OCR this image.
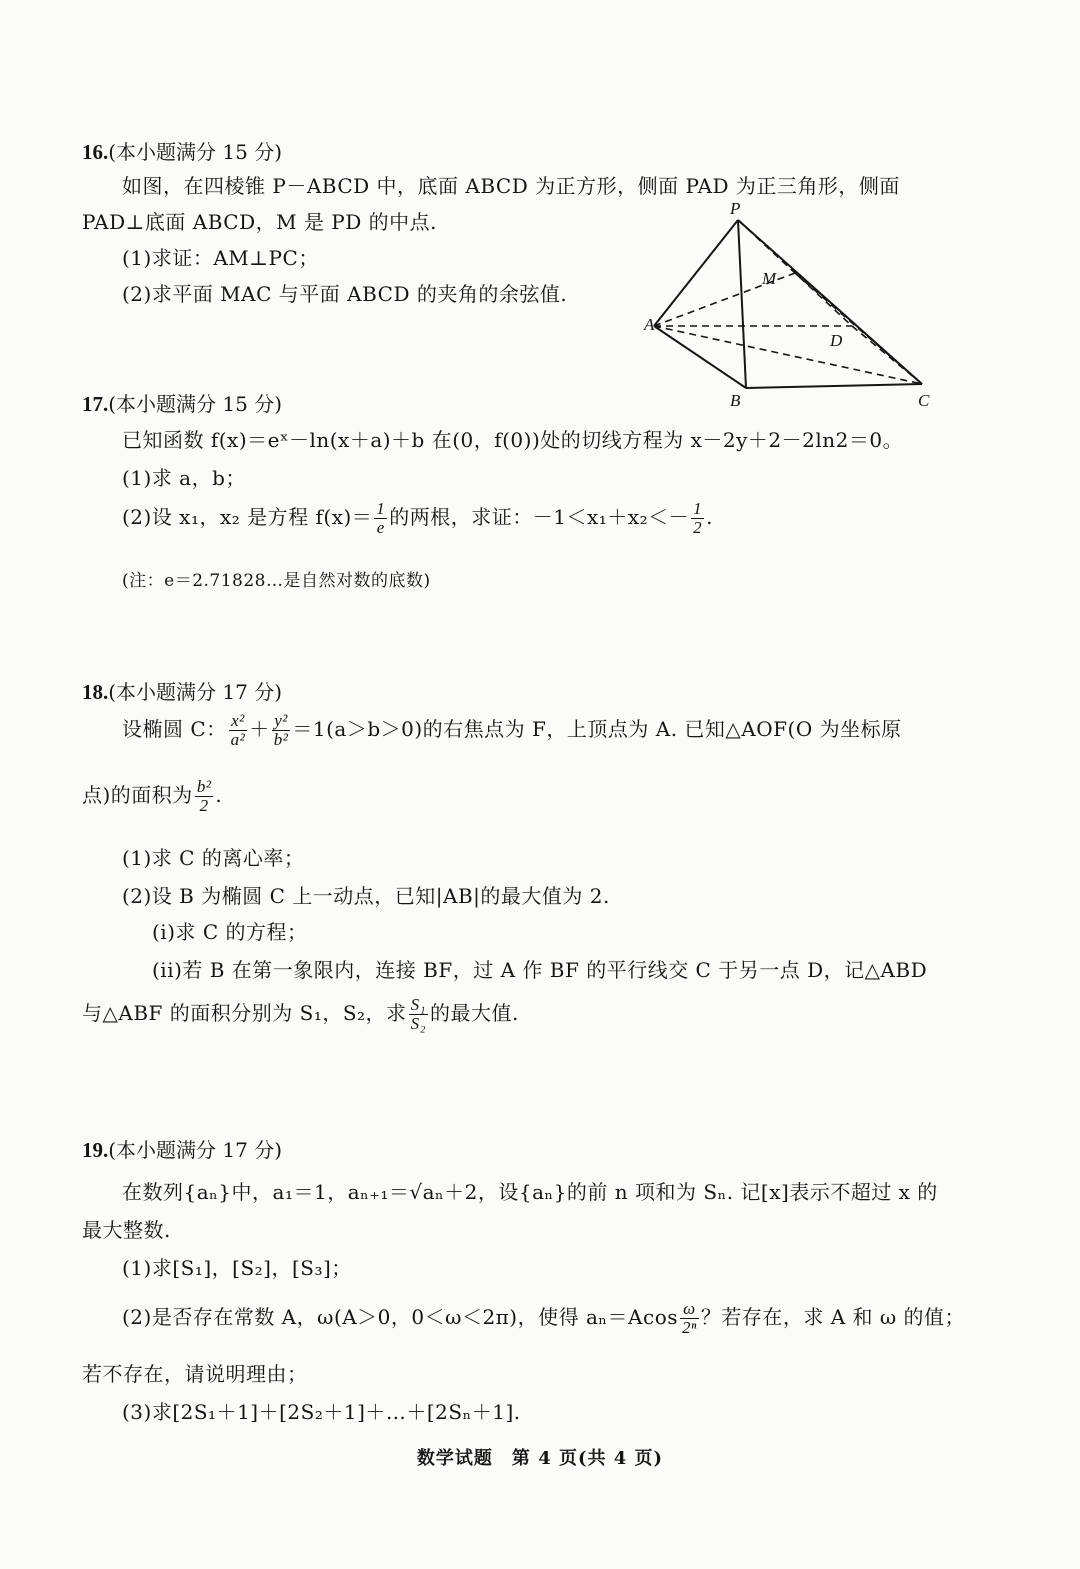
16.(本小题满分 15 分)
如图，在四棱锥 P－ABCD 中，底面 ABCD 为正方形，侧面 PAD 为正三角形，侧面
PAD⊥底面 ABCD，M 是 PD 的中点.
(1)求证：AM⊥PC；
(2)求平面 MAC 与平面 ABCD 的夹角的余弦值.
P
M
A
D
B	C
17.(本小题满分 15 分)
已知函数 f(x)＝eˣ－ln(x＋a)＋b 在(0，f(0))处的切线方程为 x－2y＋2－2ln2＝0。
(1)求 a，b；
(2)设 x₁，x₂ 是方程 $f(x)= \frac{1}{e}$ 的两根，求证：$-1<x_1+x_2<- \frac{1}{2}$ .
(注：e＝2.71828…是自然对数的底数)
18.(本小题满分 17 分)
设椭圆 C： $\frac{\text{x²}}{\text{a²}} + \frac{\text{y²}}{\text{b²}} =1(a>b>0)$的右焦点为 F，上顶点为 A. 已知△AOF(O 为坐标原
点)的面积为 $\frac{\text{b²}}{2}$ .
(1)求 C 的离心率；
(2)设 B 为椭圆 C 上一动点，已知|AB|的最大值为 2.
(i)求 C 的方程；
(ii)若 B 在第一象限内，连接 BF，过 A 作 BF 的平行线交 C 于另一点 D，记△ABD
与△ABF 的面积分别为 S₁，S₂，求 $\frac{\text{S₁}}{\text{S₂}}$ 的最大值.
19.(本小题满分 17 分)
在数列{aₙ}中，a₁＝1，aₙ₊₁＝√aₙ＋2，设{aₙ}的前 n 项和为 Sₙ. 记[x]表示不超过 x 的
最大整数.
(1)求[S₁]，[S₂]，[S₃]；
(2)是否存在常数 A，ω(A＞0，0＜ω＜2π)，使得 $a_n=Acos \frac{\omega}{\text{2ⁿ}}$ ？若存在，求 A 和 ω 的值；
若不存在，请说明理由；
(3)求[2S₁＋1]＋[2S₂＋1]＋…＋[2Sₙ＋1].
数学试题　第 4 页(共 4 页)
